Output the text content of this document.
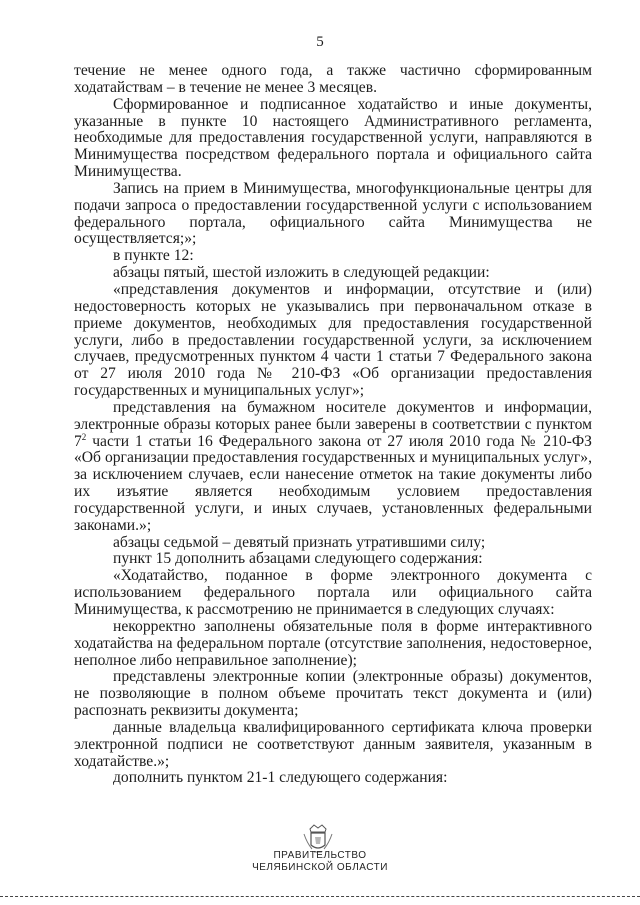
5

течение не менее одного года, а также частично сформированным ходатайствам – в течение не менее 3 месяцев.

Сформированное и подписанное ходатайство и иные документы, указанные в пункте 10 настоящего Административного регламента, необходимые для предоставления государственной услуги, направляются в Минимущества посредством федерального портала и официального сайта Минимущества.

Запись на прием в Минимущества, многофункциональные центры для подачи запроса о предоставлении государственной услуги с использованием федерального портала, официального сайта Минимущества не осуществляется;»;

в пункте 12:

абзацы пятый, шестой изложить в следующей редакции:

«представления документов и информации, отсутствие и (или) недостоверность которых не указывались при первоначальном отказе в приеме документов, необходимых для предоставления государственной услуги, либо в предоставлении государственной услуги, за исключением случаев, предусмотренных пунктом 4 части 1 статьи 7 Федерального закона от 27 июля 2010 года № 210-ФЗ «Об организации предоставления государственных и муниципальных услуг»;

представления на бумажном носителе документов и информации, электронные образы которых ранее были заверены в соответствии с пунктом $7^2$ части 1 статьи 16 Федерального закона от 27 июля 2010 года № 210-ФЗ «Об организации предоставления государственных и муниципальных услуг», за исключением случаев, если нанесение отметок на такие документы либо их изъятие является необходимым условием предоставления государственной услуги, и иных случаев, установленных федеральными законами.»;

абзацы седьмой – девятый признать утратившими силу;

пункт 15 дополнить абзацами следующего содержания:

«Ходатайство, поданное в форме электронного документа с использованием федерального портала или официального сайта Минимущества, к рассмотрению не принимается в следующих случаях:

некорректно заполнены обязательные поля в форме интерактивного ходатайства на федеральном портале (отсутствие заполнения, недостоверное, неполное либо неправильное заполнение);

представлены электронные копии (электронные образы) документов, не позволяющие в полном объеме прочитать текст документа и (или) распознать реквизиты документа;

данные владельца квалифицированного сертификата ключа проверки электронной подписи не соответствуют данным заявителя, указанным в ходатайстве.»;

дополнить пунктом 21-1 следующего содержания:

ПРАВИТЕЛЬСТВО
ЧЕЛЯБИНСКОЙ ОБЛАСТИ
